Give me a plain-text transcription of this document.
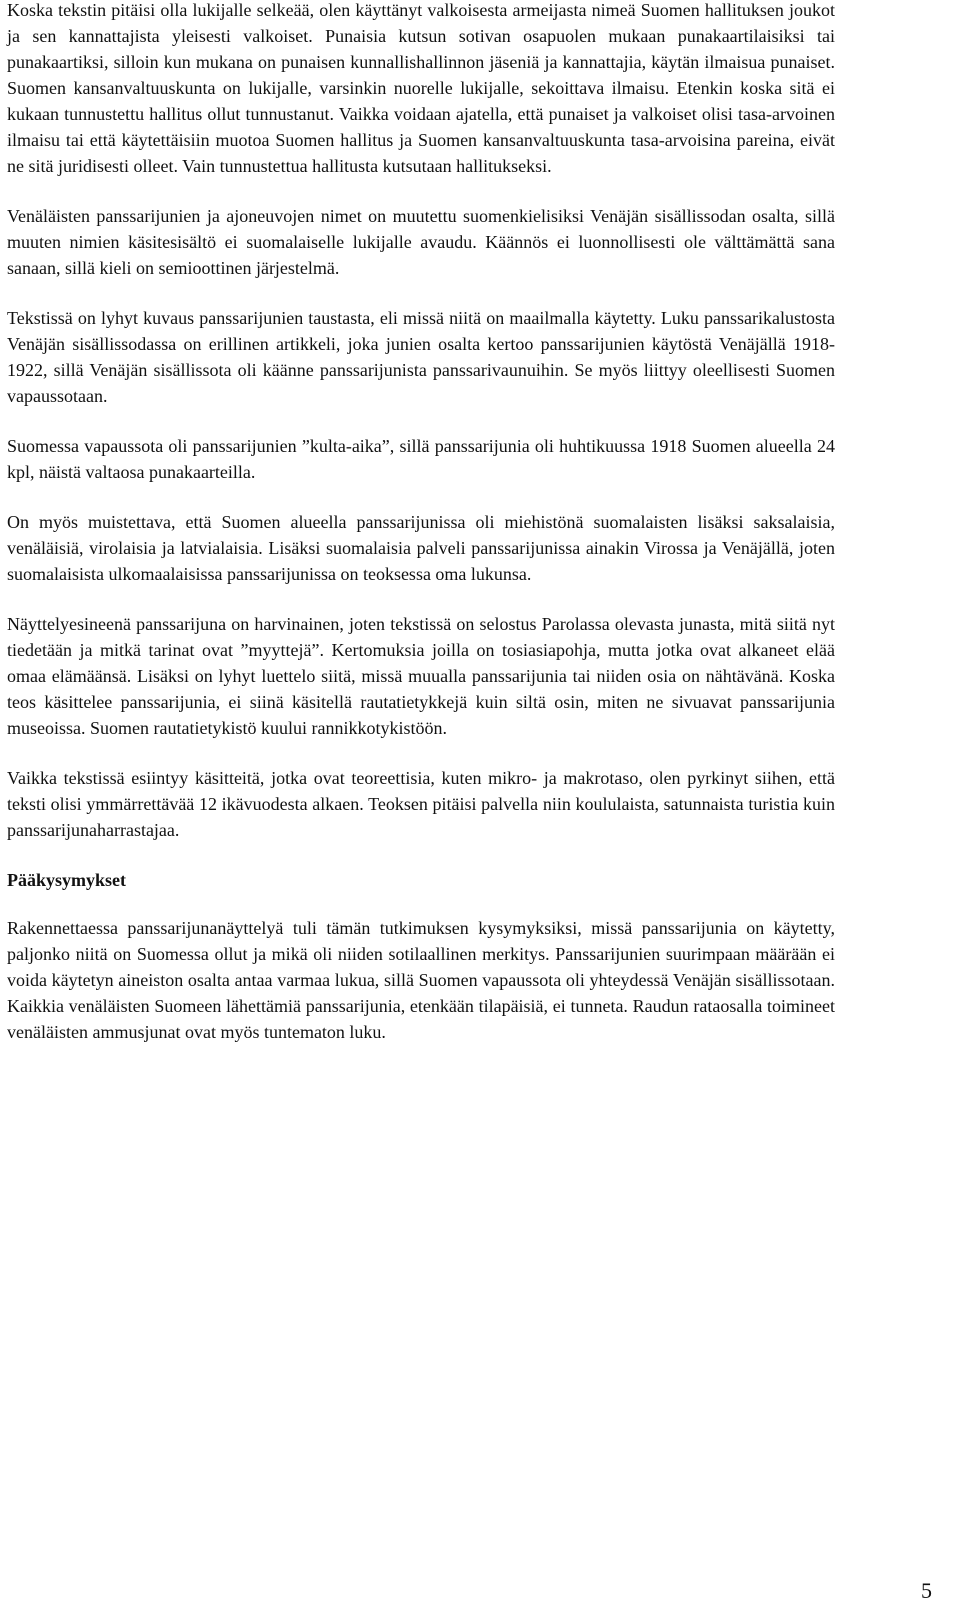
Koska tekstin pitäisi olla lukijalle selkeää, olen käyttänyt valkoisesta armeijasta nimeä Suomen hallituksen joukot ja sen kannattajista yleisesti valkoiset. Punaisia kutsun sotivan osapuolen mukaan punakaartilaisiksi tai punakaartiksi, silloin kun mukana on punaisen kunnallishallinnon jäseniä ja kannattajia, käytän ilmaisua punaiset. Suomen kansanvaltuuskunta on lukijalle, varsinkin nuorelle lukijalle, sekoittava ilmaisu. Etenkin koska sitä ei kukaan tunnustettu hallitus ollut tunnustanut. Vaikka voidaan ajatella, että punaiset ja valkoiset olisi tasa-arvoinen ilmaisu tai että käytettäisiin muotoa Suomen hallitus ja Suomen kansanvaltuuskunta tasa-arvoisina pareina, eivät ne sitä juridisesti olleet. Vain tunnustettua hallitusta kutsutaan hallitukseksi.

Venäläisten panssarijunien ja ajoneuvojen nimet on muutettu suomenkielisiksi Venäjän sisällissodan osalta, sillä muuten nimien käsitesisältö ei suomalaiselle lukijalle avaudu. Käännös ei luonnollisesti ole välttämättä sana sanaan, sillä kieli on semioottinen järjestelmä.

Tekstissä on lyhyt kuvaus panssarijunien taustasta, eli missä niitä on maailmalla käytetty. Luku panssarikalustosta Venäjän sisällissodassa on erillinen artikkeli, joka junien osalta kertoo panssarijunien käytöstä Venäjällä 1918-1922, sillä Venäjän sisällissota oli käänne panssarijunista panssarivaunuihin. Se myös liittyy oleellisesti Suomen vapaussotaan.

Suomessa vapaussota oli panssarijunien ”kulta-aika”, sillä panssarijunia oli huhtikuussa 1918 Suomen alueella 24 kpl, näistä valtaosa punakaarteilla.

On myös muistettava, että Suomen alueella panssarijunissa oli miehistönä suomalaisten lisäksi saksalaisia, venäläisiä, virolaisia ja latvialaisia. Lisäksi suomalaisia palveli panssarijunissa ainakin Virossa ja Venäjällä, joten suomalaisista ulkomaalaisissa panssarijunissa on teoksessa oma lukunsa.

Näyttelyesineenä panssarijuna on harvinainen, joten tekstissä on selostus Parolassa olevasta junasta, mitä siitä nyt tiedetään ja mitkä tarinat ovat ”myyttejä”. Kertomuksia joilla on tosiasiapohja, mutta jotka ovat alkaneet elää omaa elämäänsä. Lisäksi on lyhyt luettelo siitä, missä muualla panssarijunia tai niiden osia on nähtävänä. Koska teos käsittelee panssarijunia, ei siinä käsitellä rautatietykkejä kuin siltä osin, miten ne sivuavat panssarijunia museoissa. Suomen rautatietykistö kuului rannikkotykistöön.

Vaikka tekstissä esiintyy käsitteitä, jotka ovat teoreettisia, kuten mikro- ja makrotaso, olen pyrkinyt siihen, että teksti olisi ymmärrettävää 12 ikävuodesta alkaen. Teoksen pitäisi palvella niin koululaista, satunnaista turistia kuin panssarijunaharrastajaa.

Pääkysymykset

Rakennettaessa panssarijunanäyttelyä tuli tämän tutkimuksen kysymyksiksi, missä panssarijunia on käytetty, paljonko niitä on Suomessa ollut ja mikä oli niiden sotilaallinen merkitys. Panssarijunien suurimpaan määrään ei voida käytetyn aineiston osalta antaa varmaa lukua, sillä Suomen vapaussota oli yhteydessä Venäjän sisällissotaan. Kaikkia venäläisten Suomeen lähettämiä panssarijunia, etenkään tilapäisiä, ei tunneta. Raudun rataosalla toimineet venäläisten ammusjunat ovat myös tuntematon luku.

5
